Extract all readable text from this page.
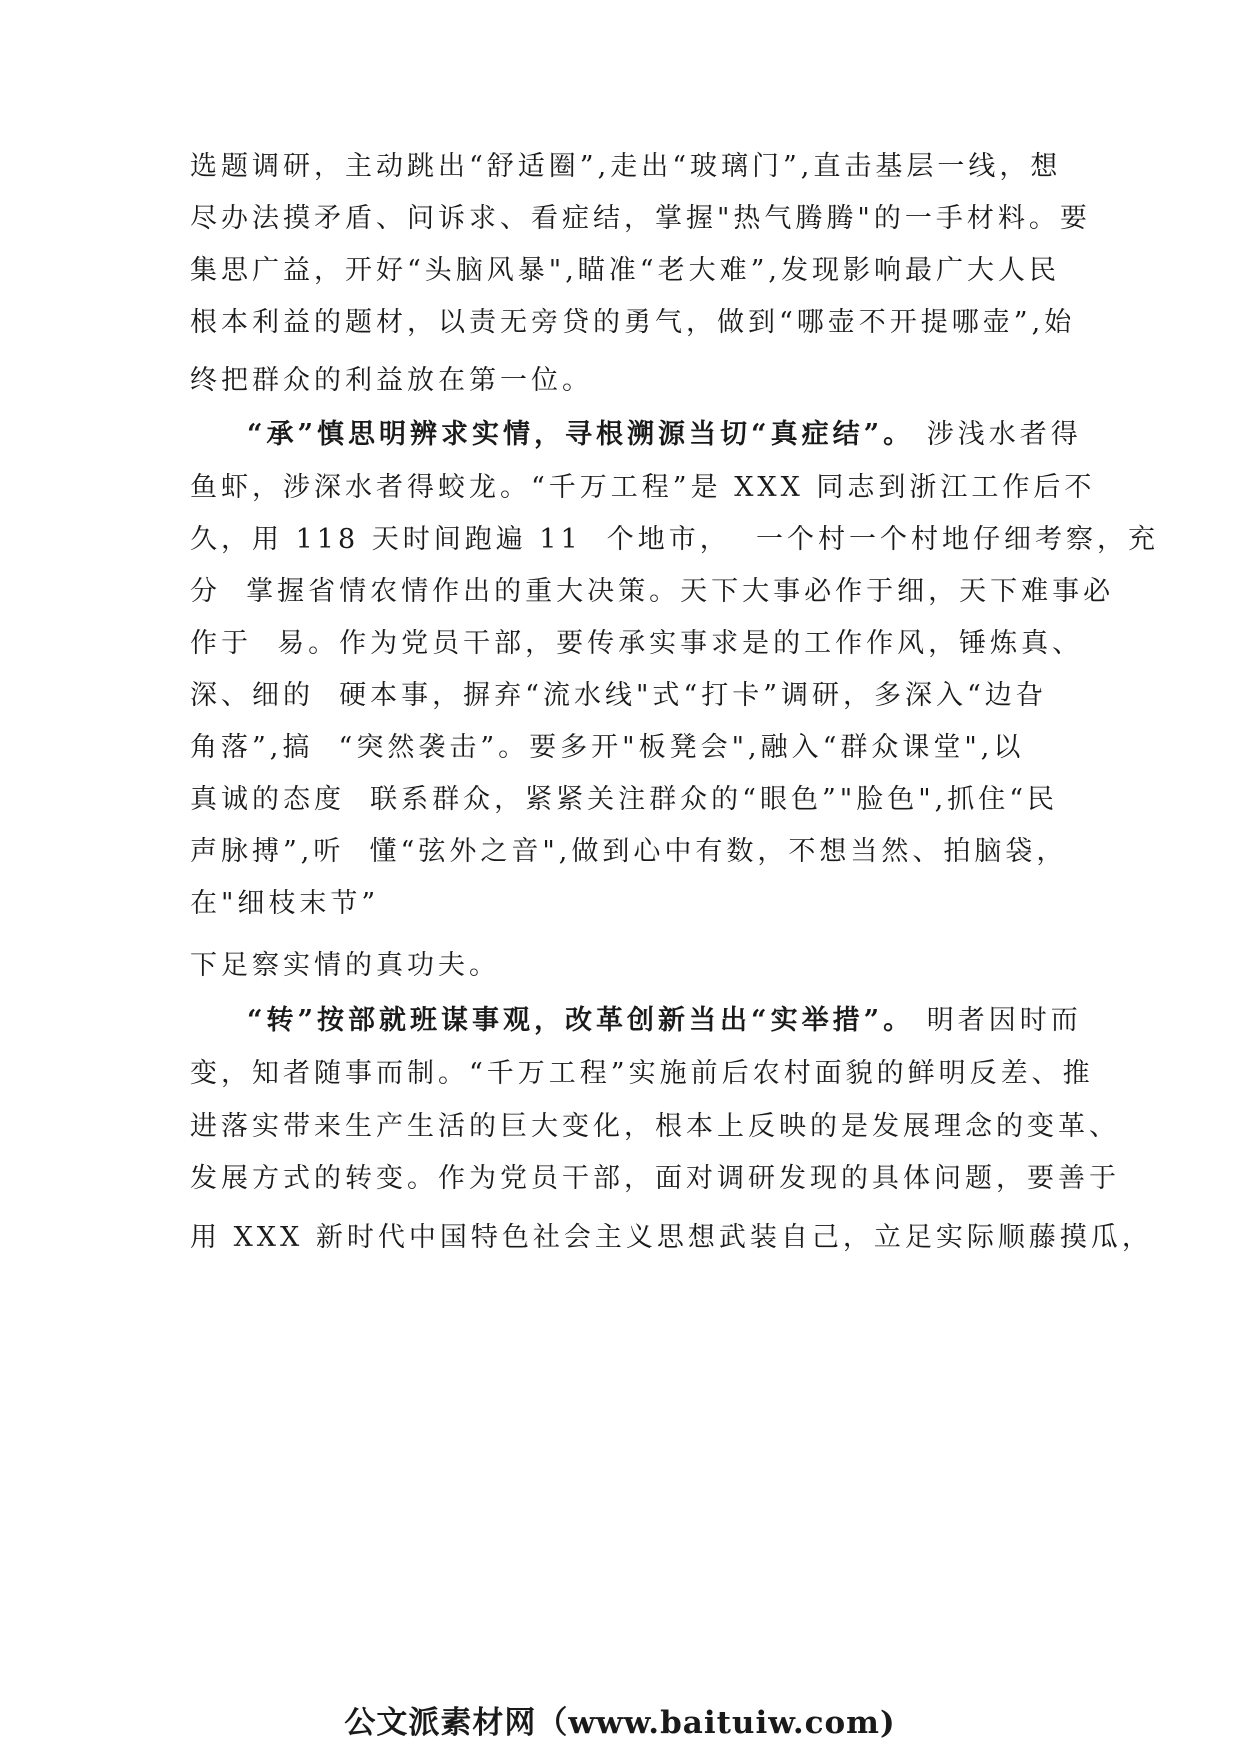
选题调研，主动跳出“舒适圈”,走出“玻璃门”,直击基层一线，想
尽办法摸矛盾、问诉求、看症结，掌握"热气腾腾"的一手材料。要
集思广益，开好“头脑风暴",瞄准“老大难”,发现影响最广大人民
根本利益的题材，以责无旁贷的勇气，做到“哪壶不开提哪壶”,始
终把群众的利益放在第一位。
“承”慎思明辨求实情，寻根溯源当切“真症结”。 涉浅水者得
鱼虾，涉深水者得蛟龙。“千万工程”是 XXX 同志到浙江工作后不
久，用 118 天时间跑遍 11  个地市，  一个村一个村地仔细考察，充
分  掌握省情农情作出的重大决策。天下大事必作于细，天下难事必
作于  易。作为党员干部，要传承实事求是的工作作风，锤炼真、
深、细的  硬本事，摒弃“流水线"式“打卡”调研，多深入“边旮
角落”,搞  “突然袭击”。要多开"板凳会",融入“群众课堂",以
真诚的态度  联系群众，紧紧关注群众的“眼色”"脸色",抓住“民
声脉搏”,听  懂“弦外之音",做到心中有数，不想当然、拍脑袋，
在"细枝末节”
下足察实情的真功夫。
“转”按部就班谋事观，改革创新当出“实举措”。 明者因时而
变，知者随事而制。“千万工程”实施前后农村面貌的鲜明反差、推
进落实带来生产生活的巨大变化，根本上反映的是发展理念的变革、
发展方式的转变。作为党员干部，面对调研发现的具体问题，要善于
用 XXX 新时代中国特色社会主义思想武装自己，立足实际顺藤摸瓜，
公文派素材网（www.baituiw.com)
